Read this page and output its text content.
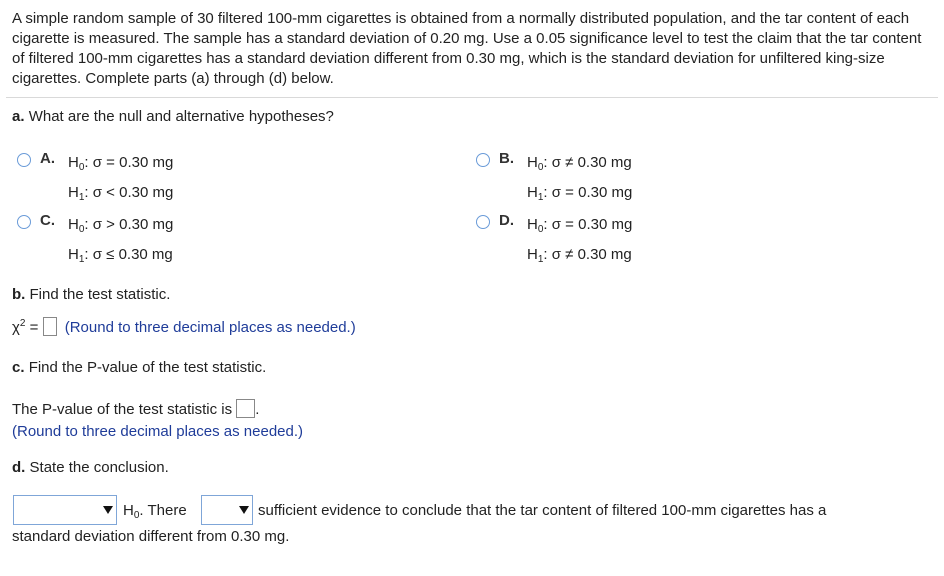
A simple random sample of 30 filtered 100-mm cigarettes is obtained from a normally distributed population, and the tar content of each cigarette is measured. The sample has a standard deviation of 0.20 mg. Use a 0.05 significance level to test the claim that the tar content of filtered 100-mm cigarettes has a standard deviation different from 0.30 mg, which is the standard deviation for unfiltered king-size cigarettes. Complete parts (a) through (d) below.
a. What are the null and alternative hypotheses?
A. $H_0$: σ = 0.30 mg
$H_1$: σ < 0.30 mg
B. $H_0$: σ ≠ 0.30 mg
$H_1$: σ = 0.30 mg
C. $H_0$: σ > 0.30 mg
$H_1$: σ ≤ 0.30 mg
D. $H_0$: σ = 0.30 mg
$H_1$: σ ≠ 0.30 mg
b. Find the test statistic.
$\chi^2$ = (Round to three decimal places as needed.)
c. Find the P-value of the test statistic.
The P-value of the test statistic is .
(Round to three decimal places as needed.)
d. State the conclusion.
$H_0$. There	sufficient evidence to conclude that the tar content of filtered 100-mm cigarettes has a
standard deviation different from 0.30 mg.
